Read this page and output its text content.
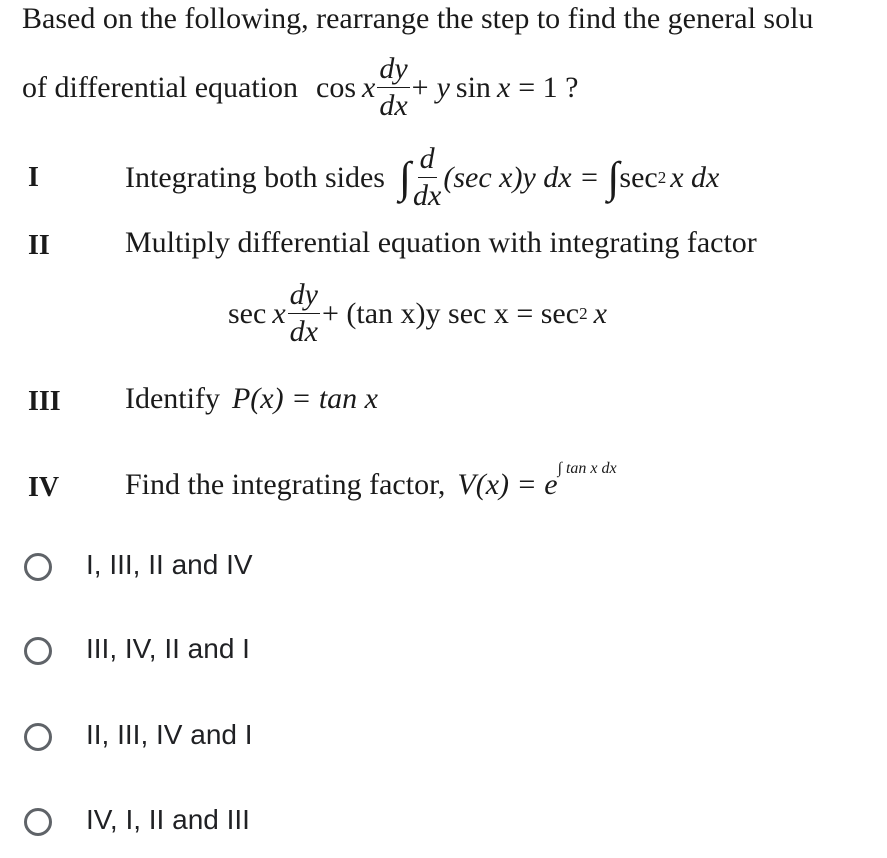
Based on the following, rearrange the step to find the general solu
of differential equation cos x $\frac{dy}{dx} + y$ sin x = 1 ?
I	Integrating both sides ∫ $\frac{d}{dx} (\sec$ x)y dx = ∫ sec 2 x dx
II	Multiply differential equation with integrating factor
sec x $\frac{dy}{dx} + (\tan$ x)y sec x = sec 2 x
III Identify P(x) = tan x
IV Find the integrating factor, V(x) = e ∫ tan x dx
I, III, II and IV
III, IV, II and I
II, III, IV and I
IV, I, II and III
